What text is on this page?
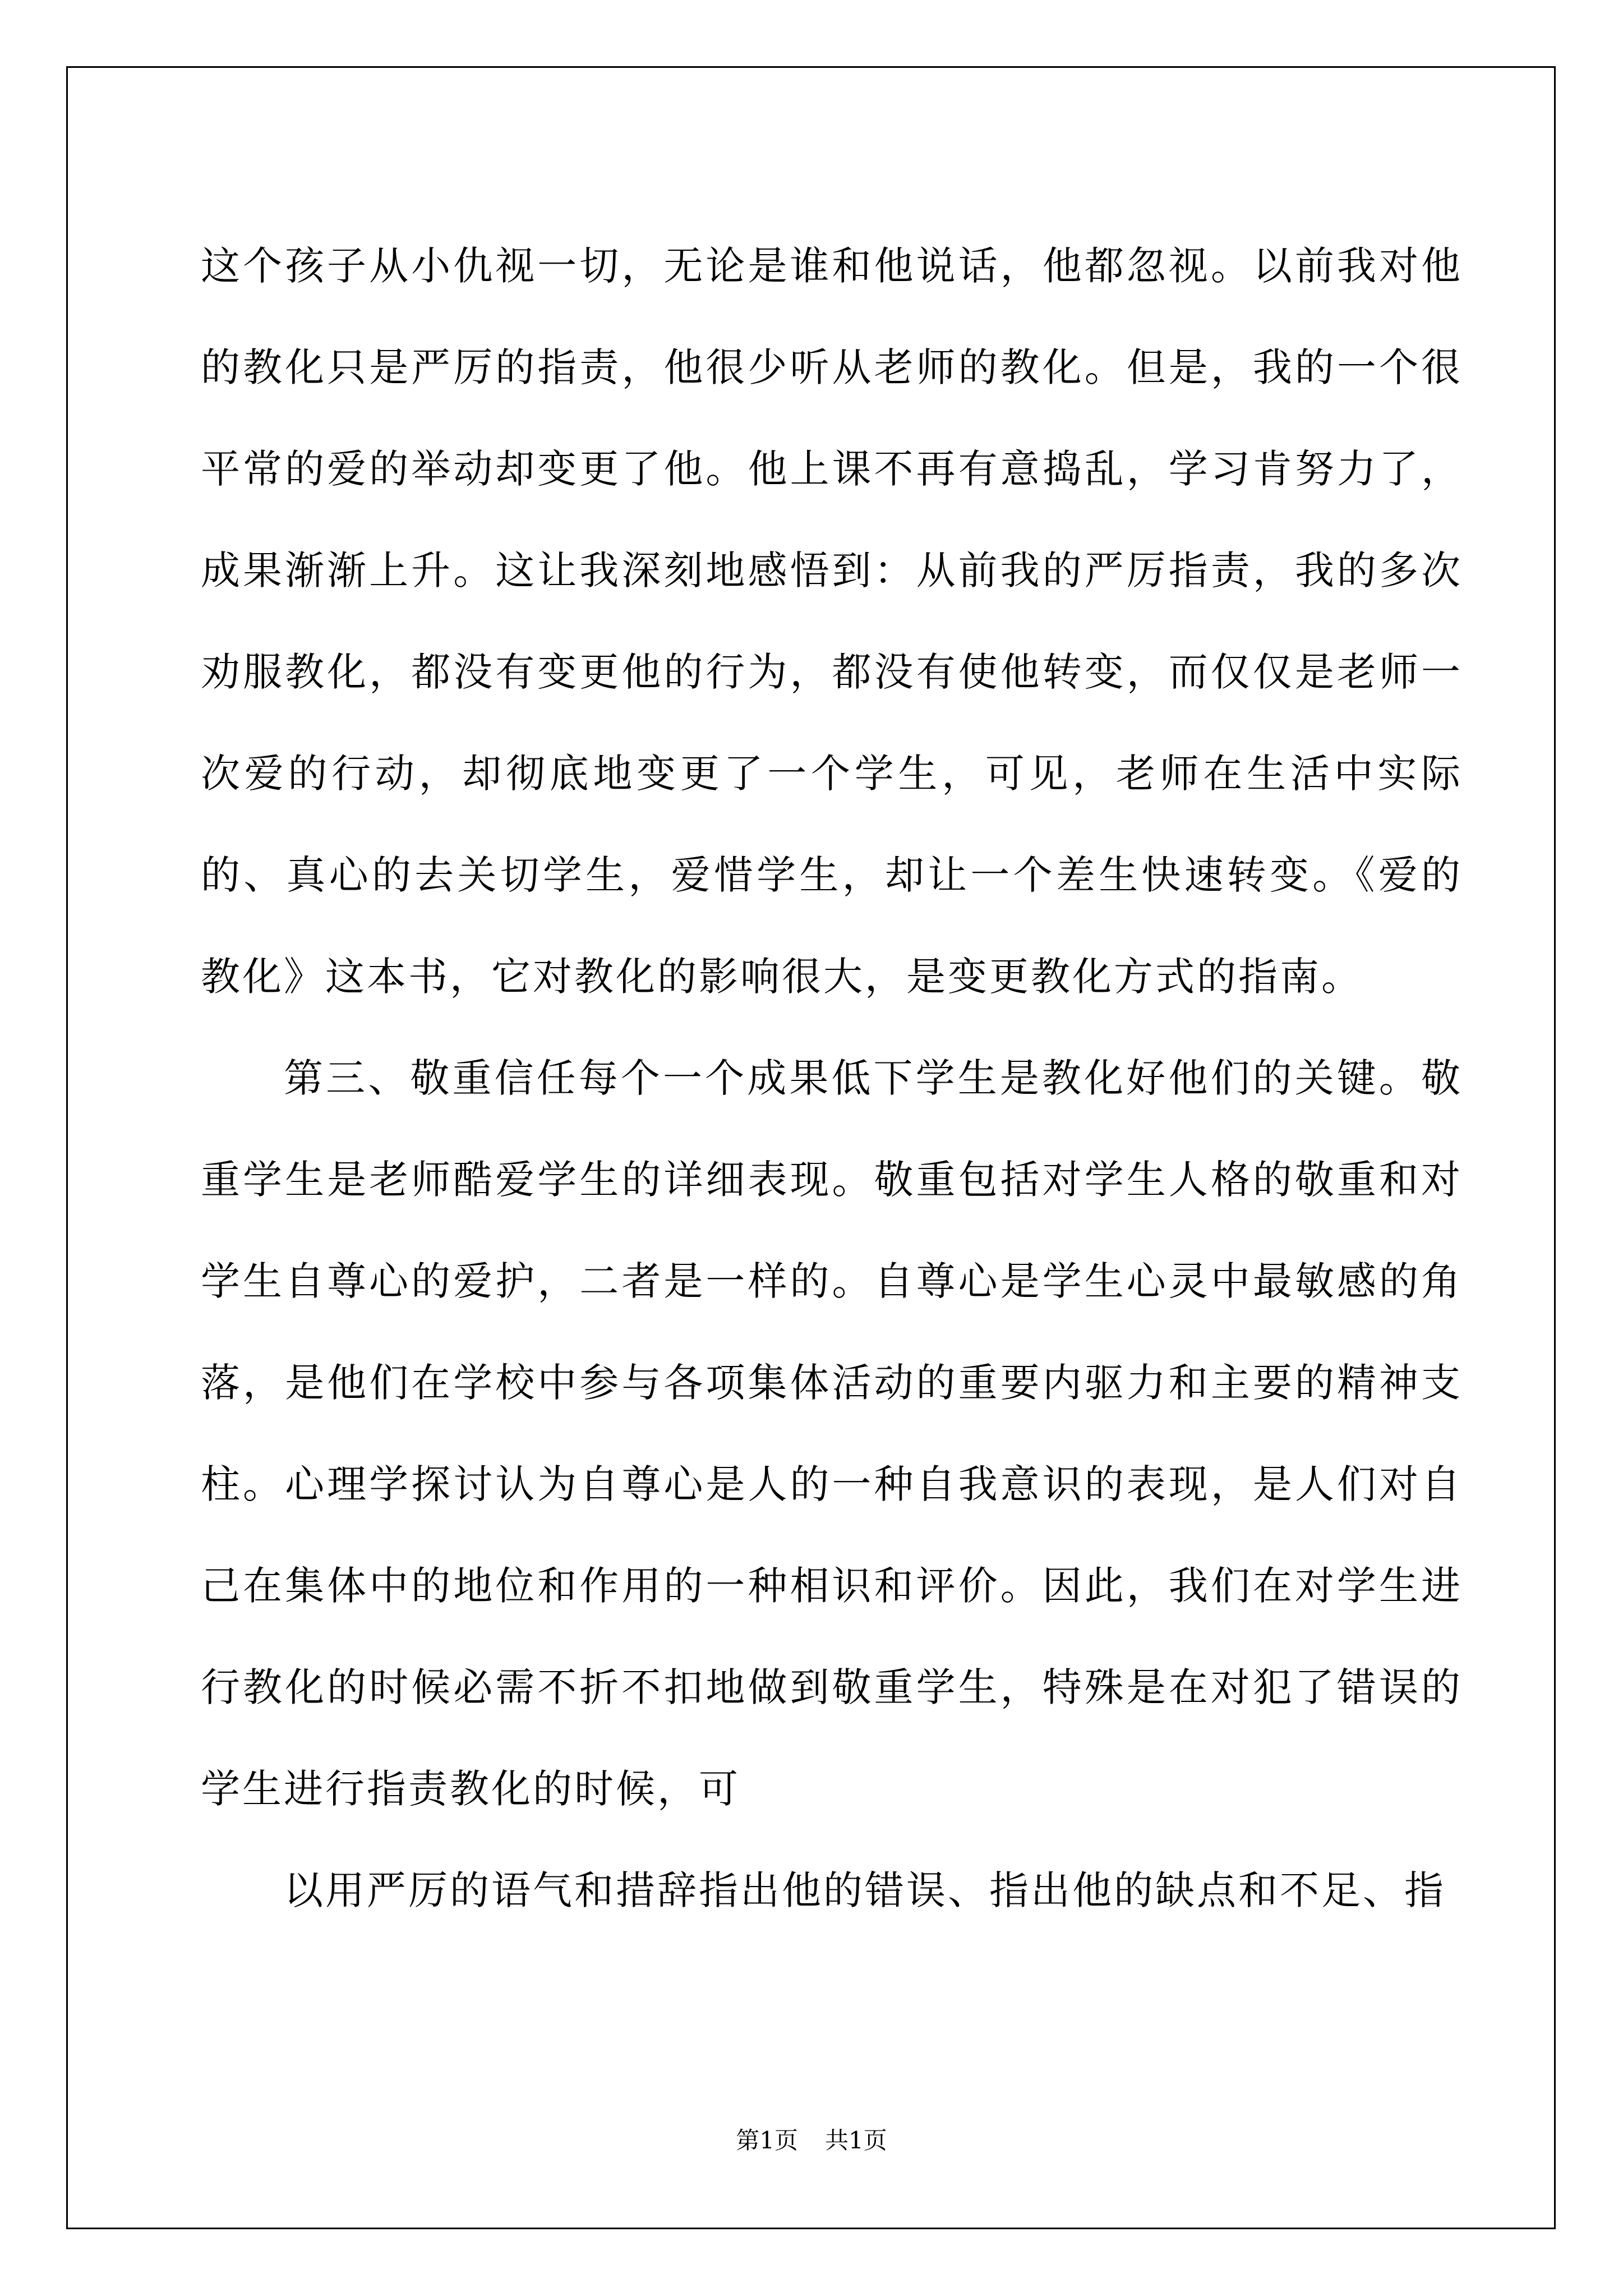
这个孩子从小仇视一切，无论是谁和他说话，他都忽视。以前我对他的教化只是严厉的指责，他很少听从老师的教化。但是，我的一个很平常的爱的举动却变更了他。他上课不再有意捣乱，学习肯努力了，成果渐渐上升。这让我深刻地感悟到：从前我的严厉指责，我的多次劝服教化，都没有变更他的行为，都没有使他转变，而仅仅是老师一次爱的行动，却彻底地变更了一个学生，可见，老师在生活中实际的、真心的去关切学生，爱惜学生，却让一个差生快速转变。《爱的教化》这本书，它对教化的影响很大，是变更教化方式的指南。

第三、敬重信任每个一个成果低下学生是教化好他们的关键。敬重学生是老师酷爱学生的详细表现。敬重包括对学生人格的敬重和对学生自尊心的爱护，二者是一样的。自尊心是学生心灵中最敏感的角落，是他们在学校中参与各项集体活动的重要内驱力和主要的精神支柱。心理学探讨认为自尊心是人的一种自我意识的表现，是人们对自己在集体中的地位和作用的一种相识和评价。因此，我们在对学生进行教化的时候必需不折不扣地做到敬重学生，特殊是在对犯了错误的学生进行指责教化的时候，可

以用严厉的语气和措辞指出他的错误、指出他的缺点和不足、指

第1页 共1页
